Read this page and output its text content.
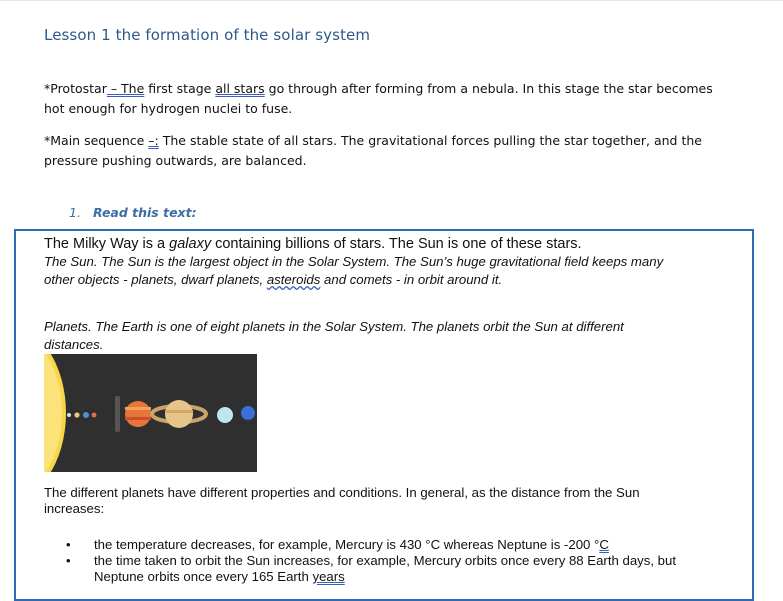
Lesson 1 the formation of the solar system
*Protostar – The first stage all stars go through after forming from a nebula. In this stage the star becomes
hot enough for hydrogen nuclei to fuse.
*Main sequence –: The stable state of all stars. The gravitational forces pulling the star together, and the
pressure pushing outwards, are balanced.
1. Read this text:
The Milky Way is a galaxy containing billions of stars. The Sun is one of these stars.
The Sun. The Sun is the largest object in the Solar System. The Sun’s huge gravitational field keeps many
other objects - planets, dwarf planets, asteroids and comets - in orbit around it.
Planets. The Earth is one of eight planets in the Solar System. The planets orbit the Sun at different
distances.
The different planets have different properties and conditions. In general, as the distance from the Sun
increases:
• the temperature decreases, for example, Mercury is 430 °C whereas Neptune is -200 °C
• the time taken to orbit the Sun increases, for example, Mercury orbits once every 88 Earth days, but
Neptune orbits once every 165 Earth years
